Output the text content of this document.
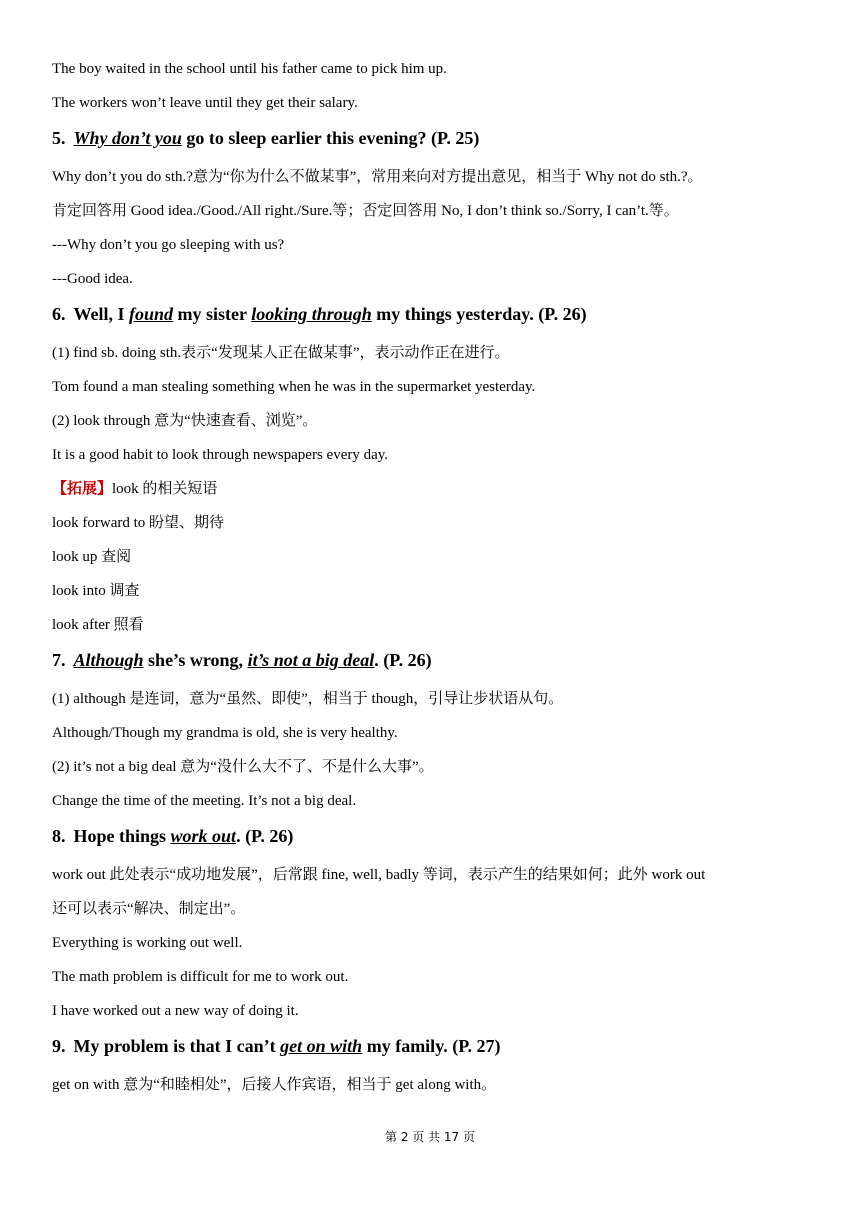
The boy waited in the school until his father came to pick him up.
The workers won’t leave until they get their salary.
5. Why don’t you go to sleep earlier this evening? (P. 25)
Why don’t you do sth.?意为“你为什么不做某事”，常用来向对方提出意见，相当于 Why not do sth.?。
肯定回答用 Good idea./Good./All right./Sure.等；否定回答用 No, I don’t think so./Sorry, I can’t.等。
---Why don’t you go sleeping with us?
---Good idea.
6. Well, I found my sister looking through my things yesterday. (P. 26)
(1) find sb. doing sth.表示“发现某人正在做某事”，表示动作正在进行。
Tom found a man stealing something when he was in the supermarket yesterday.
(2) look through 意为“快速查看、浏览”。
It is a good habit to look through newspapers every day.
【拓展】look 的相关短语
look forward to 盼望、期待
look up 查阅
look into 调查
look after 照看
7. Although she’s wrong, it’s not a big deal. (P. 26)
(1) although 是连词，意为“虽然、即使”，相当于 though，引导让步状语从句。
Although/Though my grandma is old, she is very healthy.
(2) it’s not a big deal 意为“没什么大不了、不是什么大事”。
Change the time of the meeting. It’s not a big deal.
8. Hope things work out. (P. 26)
work out 此处表示“成功地发展”，后常跟 fine, well, badly 等词，表示产生的结果如何；此外 work out
还可以表示“解决、制定出”。
Everything is working out well.
The math problem is difficult for me to work out.
I have worked out a new way of doing it.
9. My problem is that I can’t get on with my family. (P. 27)
get on with 意为“和睦相处”，后接人作宾语，相当于 get along with。
第 2 页 共 17 页
